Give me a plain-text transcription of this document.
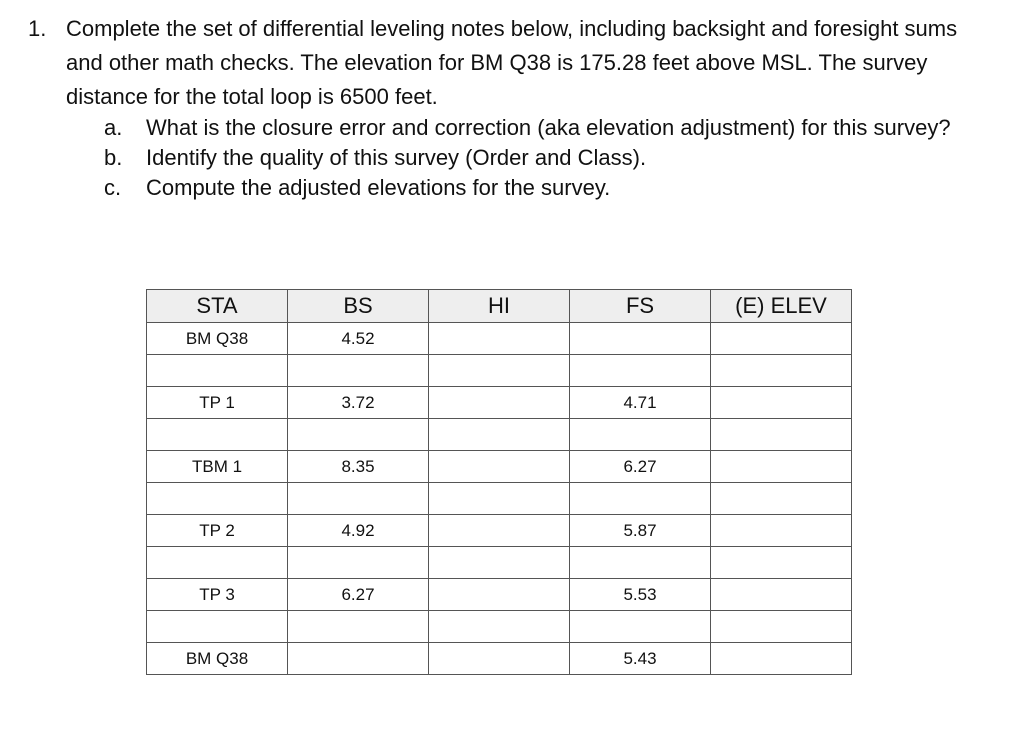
1. Complete the set of differential leveling notes below, including backsight and foresight sums and other math checks. The elevation for BM Q38 is 175.28 feet above MSL. The survey distance for the total loop is 6500 feet.
a. What is the closure error and correction (aka elevation adjustment) for this survey?
b. Identify the quality of this survey (Order and Class).
c. Compute the adjusted elevations for the survey.
STA	BS	HI	FS	(E) ELEV
BM Q38	4.52			

TP 1	3.72		4.71	

TBM 1	8.35		6.27	

TP 2	4.92		5.87	

TP 3	6.27		5.53	

BM Q38			5.43	
